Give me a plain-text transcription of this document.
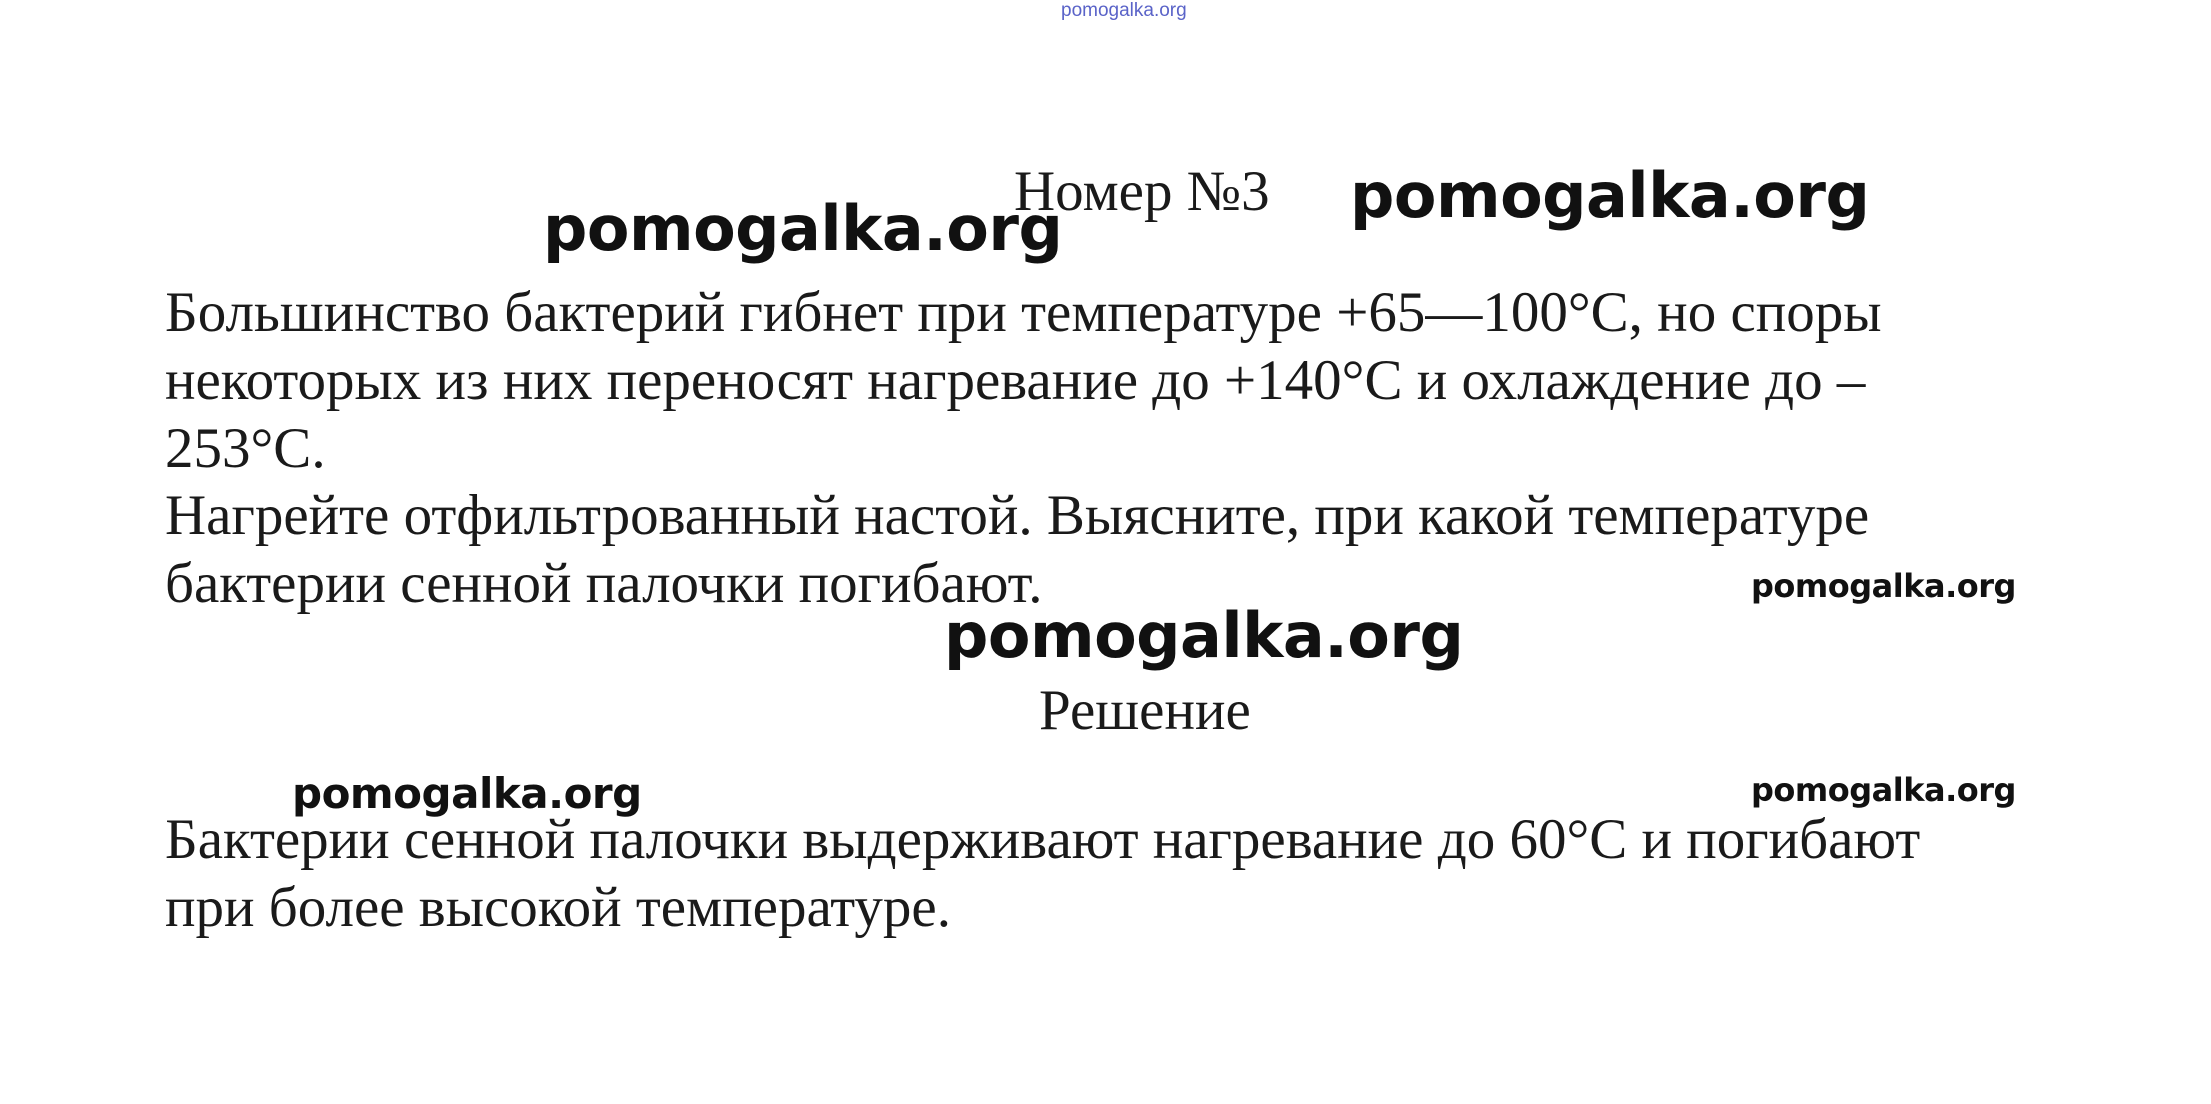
pomogalka.org
Номер №3
pomogalka.org	pomogalka.org
Большинство бактерий гибнет при температуре +65—100°C, но споры
некоторых из них переносят нагревание до +140°C и охлаждение до –
253°C.
Нагрейте отфильтрованный настой. Выясните, при какой температуре
бактерии сенной палочки погибают.	pomogalka.org
pomogalka.org
Решение
pomogalka.org	pomogalka.org
Бактерии сенной палочки выдерживают нагревание до 60°C и погибают
при более высокой температуре.
